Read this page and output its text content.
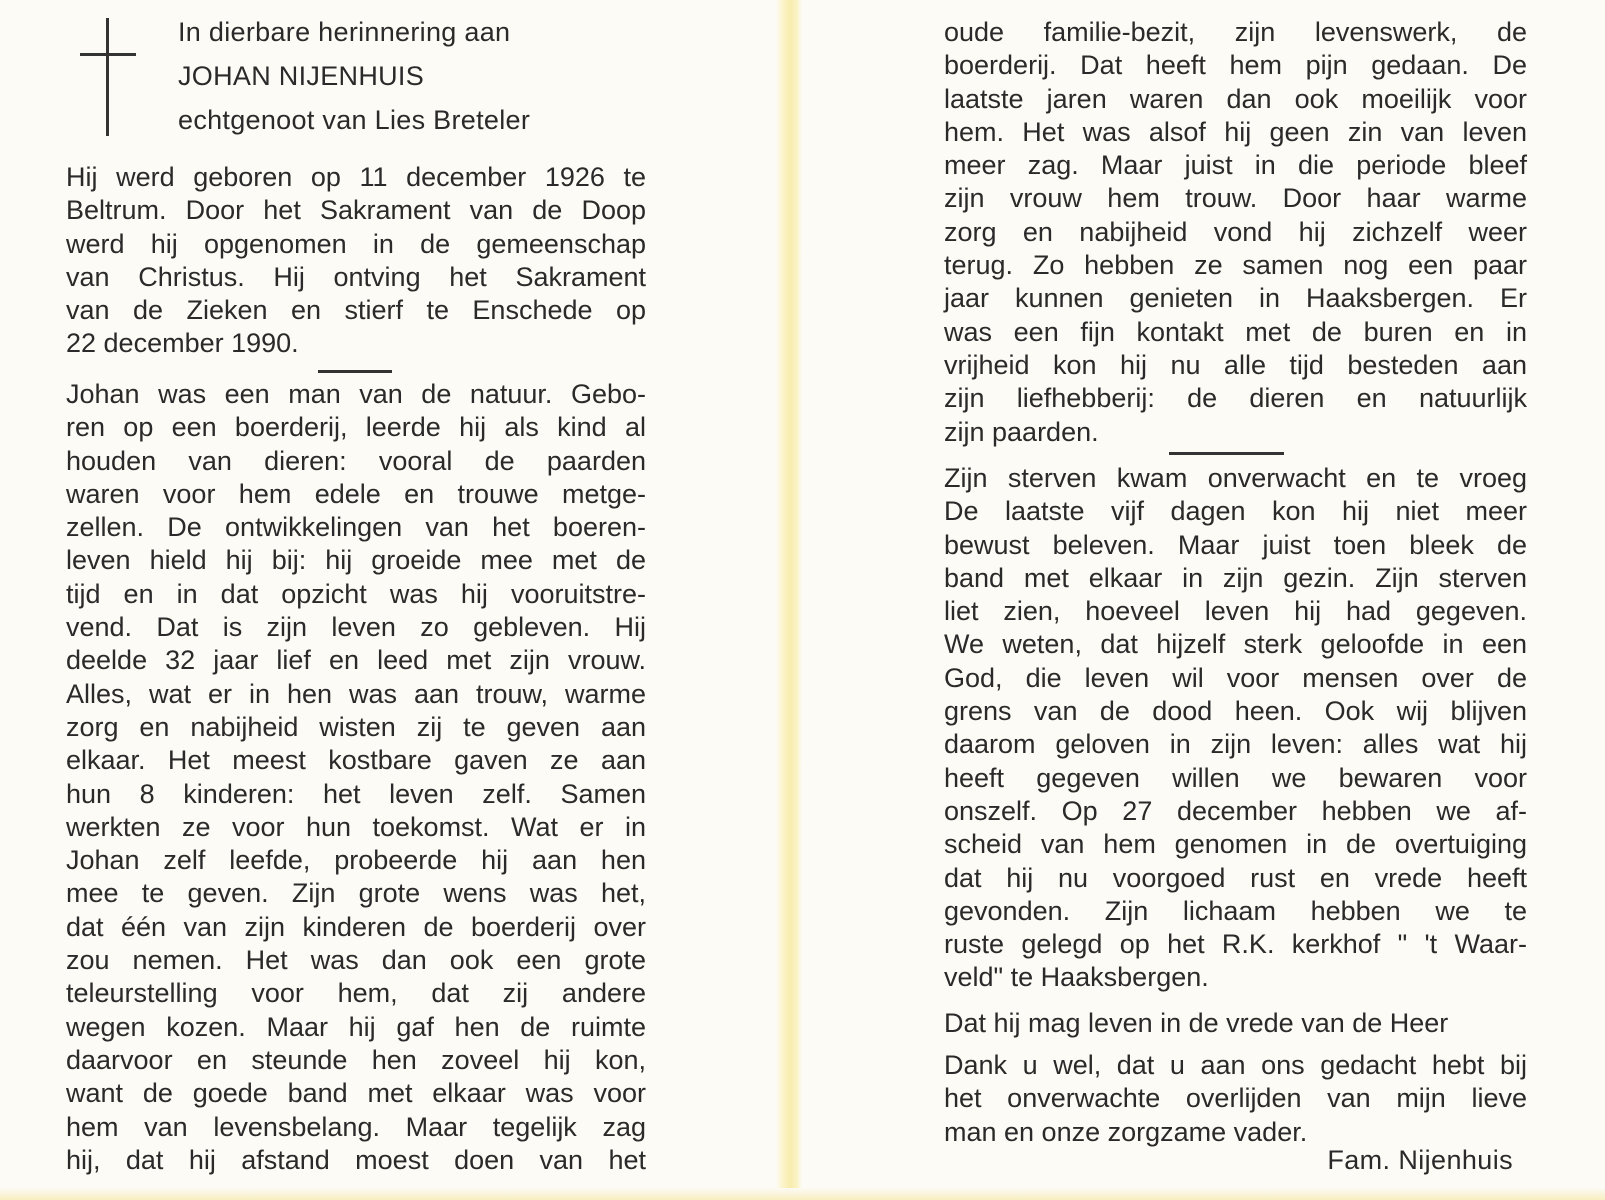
In dierbare herinnering aan
JOHAN NIJENHUIS
echtgenoot van Lies Breteler
Hij werd geboren op 11 december 1926 te
Beltrum. Door het Sakrament van de Doop
werd hij opgenomen in de gemeenschap
van Christus. Hij ontving het Sakrament
van de Zieken en stierf te Enschede op
22 december 1990.
Johan was een man van de natuur. Gebo-
ren op een boerderij, leerde hij als kind al
houden van dieren: vooral de paarden
waren voor hem edele en trouwe metge-
zellen. De ontwikkelingen van het boeren-
leven hield hij bij: hij groeide mee met de
tijd en in dat opzicht was hij vooruitstre-
vend. Dat is zijn leven zo gebleven. Hij
deelde 32 jaar lief en leed met zijn vrouw.
Alles, wat er in hen was aan trouw, warme
zorg en nabijheid wisten zij te geven aan
elkaar. Het meest kostbare gaven ze aan
hun 8 kinderen: het leven zelf. Samen
werkten ze voor hun toekomst. Wat er in
Johan zelf leefde, probeerde hij aan hen
mee te geven. Zijn grote wens was het,
dat één van zijn kinderen de boerderij over
zou nemen. Het was dan ook een grote
teleurstelling voor hem, dat zij andere
wegen kozen. Maar hij gaf hen de ruimte
daarvoor en steunde hen zoveel hij kon,
want de goede band met elkaar was voor
hem van levensbelang. Maar tegelijk zag
hij, dat hij afstand moest doen van het
oude familie-bezit, zijn levenswerk, de
boerderij. Dat heeft hem pijn gedaan. De
laatste jaren waren dan ook moeilijk voor
hem. Het was alsof hij geen zin van leven
meer zag. Maar juist in die periode bleef
zijn vrouw hem trouw. Door haar warme
zorg en nabijheid vond hij zichzelf weer
terug. Zo hebben ze samen nog een paar
jaar kunnen genieten in Haaksbergen. Er
was een fijn kontakt met de buren en in
vrijheid kon hij nu alle tijd besteden aan
zijn liefhebberij: de dieren en natuurlijk
zijn paarden.
Zijn sterven kwam onverwacht en te vroeg
De laatste vijf dagen kon hij niet meer
bewust beleven. Maar juist toen bleek de
band met elkaar in zijn gezin. Zijn sterven
liet zien, hoeveel leven hij had gegeven.
We weten, dat hijzelf sterk geloofde in een
God, die leven wil voor mensen over de
grens van de dood heen. Ook wij blijven
daarom geloven in zijn leven: alles wat hij
heeft gegeven willen we bewaren voor
onszelf. Op 27 december hebben we af-
scheid van hem genomen in de overtuiging
dat hij nu voorgoed rust en vrede heeft
gevonden. Zijn lichaam hebben we te
ruste gelegd op het R.K. kerkhof " 't Waar-
veld" te Haaksbergen.
Dat hij mag leven in de vrede van de Heer
Dank u wel, dat u aan ons gedacht hebt bij
het onverwachte overlijden van mijn lieve
man en onze zorgzame vader.
Fam. Nijenhuis
